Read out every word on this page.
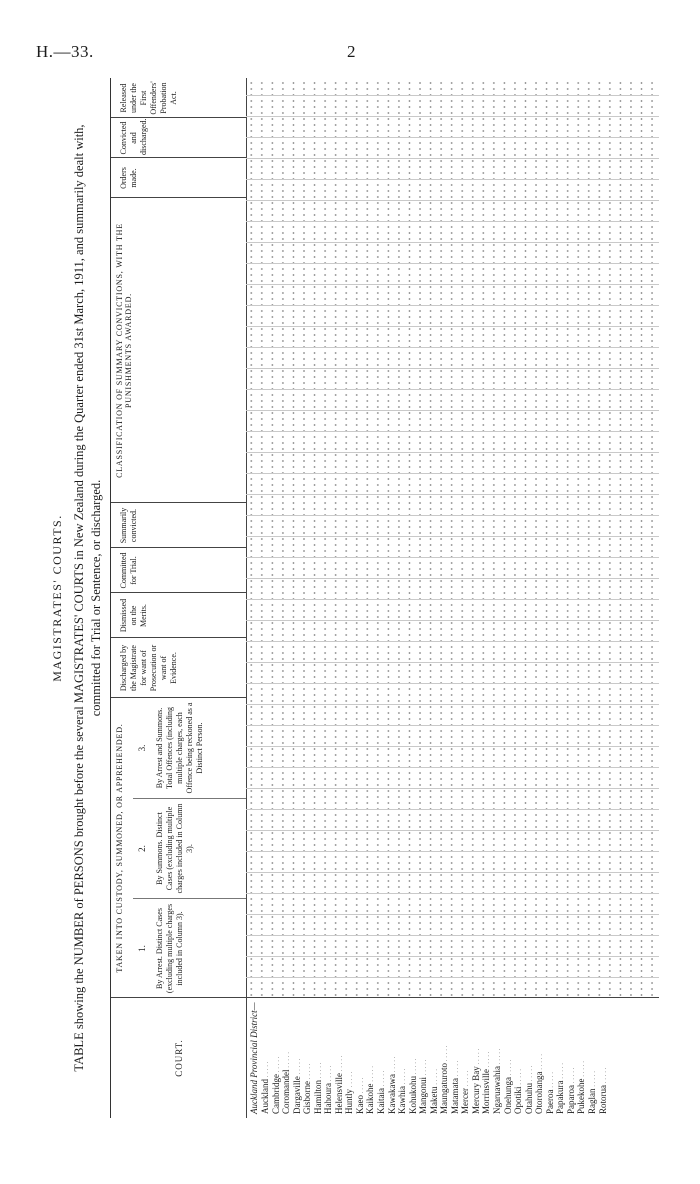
H.—33.	2
MAGISTRATES' COURTS. TABLE showing the NUMBER of PERSONS brought before the several MAGISTRATES' COURTS in New Zealand during the Quarter ended 31st March, 1911, and summarily dealt with, committed for Trial or Sentence, or discharged.
COURT.
TAKEN INTO CUSTODY, SUMMONED, OR APPREHENDED. 1. By Arrest. Distinct Cases (excluding multiple charges included in Column 3).
2. By Summons. Distinct Cases (excluding multiple charges included in Column 3).
3. By Arrest and Summons. Total Offences (including multiple charges, each Offence being reckoned as a Distinct Person.
Discharged by the Magistrate for want of Prosecution or want of Evidence.
Dismissed on the Merits.
Committed for Trial.
Summarily convicted.
CLASSIFICATION OF SUMMARY CONVICTIONS, WITH THE PUNISHMENTS AWARDED.
Orders made.
Convicted and discharged.
Released under the First Offenders' Probation Act.
Auckland Provincial District— Auckland . . . Cambridge . . . Coromandel . . . Dargaville . . . Gisborne . . . Hamilton . . . Hahoura . . . Helensville . . . Huntly . . . Kaeo . . . Kaikohe . . . Kaitaia . . . Kawakawa . . . Kawhia . . . Kohukohu . . . Mangonui . . . Maketu . . . Maungaturoto . . . Matamata . . . Mercer . . . Mercury Bay . . . Morrinsville . . . Ngaruawahia . . . Onehunga . . . Opotiki . . . Otahuhu . . . Otorohanga . . . Paeroa . . . Papakura . . . Paparoa . . . Pukekohe . . . Raglan . . . Rotorua . . .
